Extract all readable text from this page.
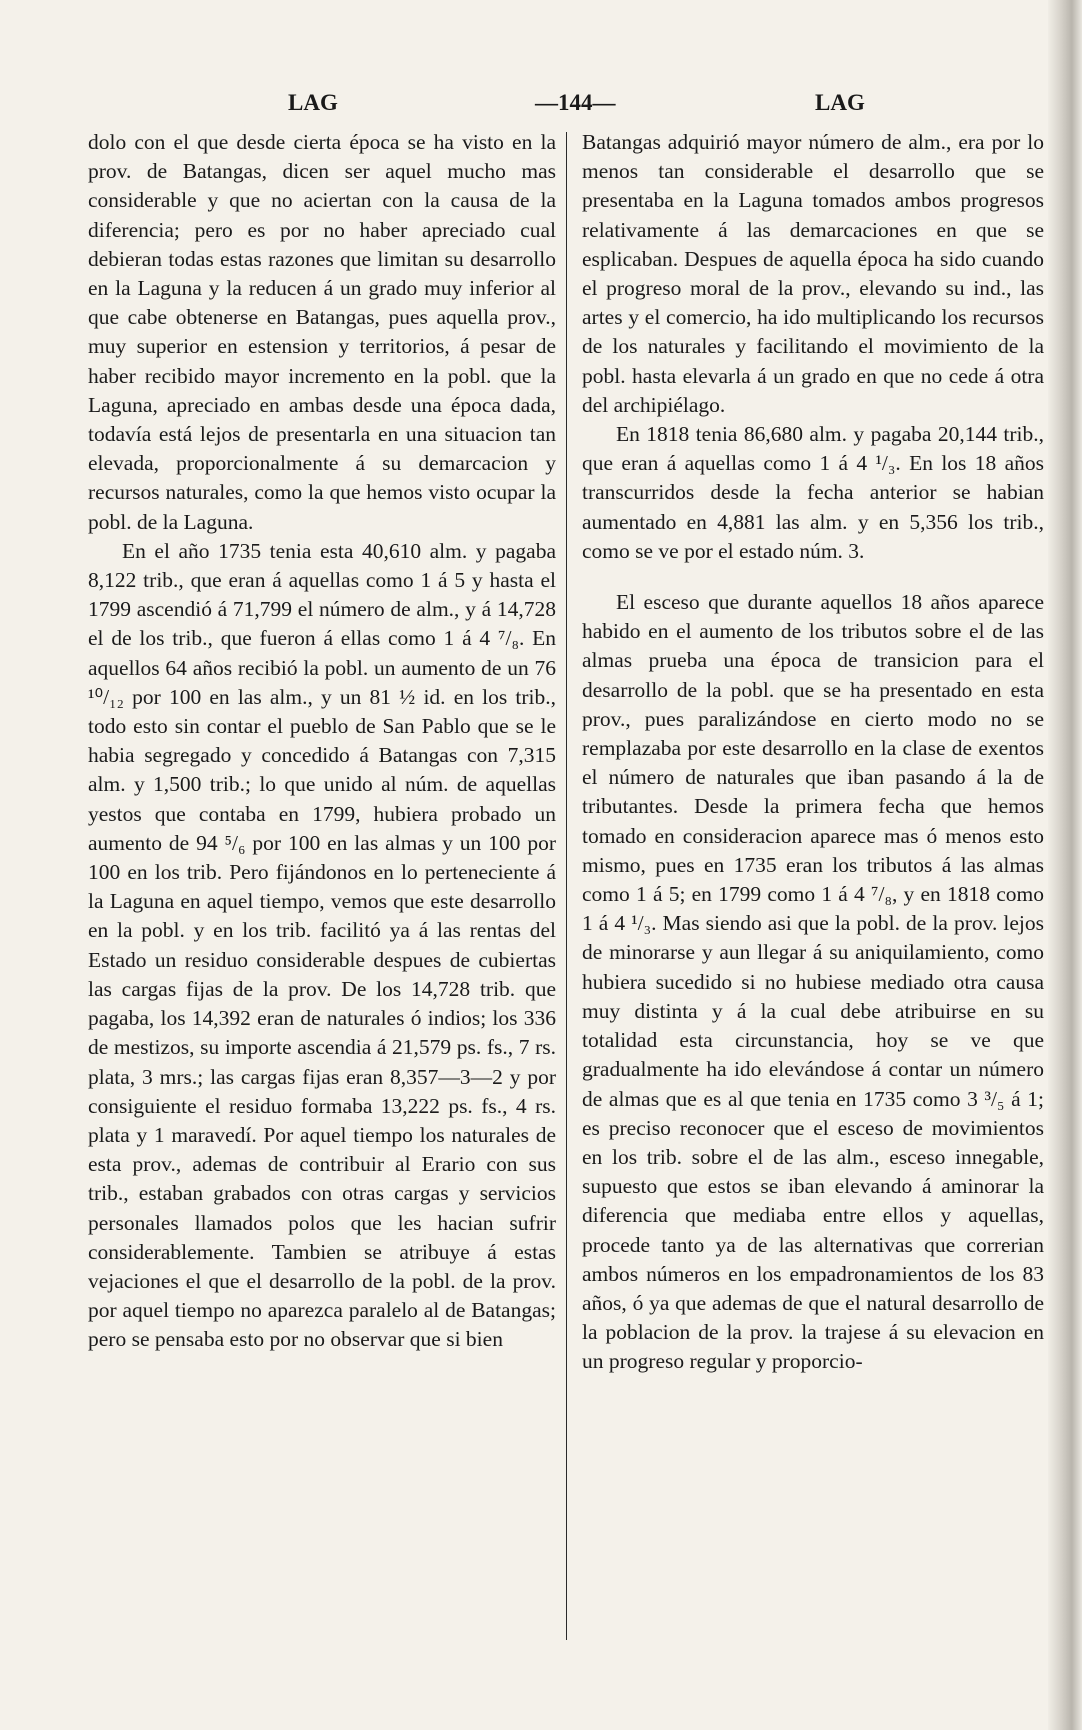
LAG	—144—	LAG

dolo con el que desde cierta época se ha visto en la prov. de Batangas, dicen ser aquel mucho mas considerable y que no aciertan con la causa de la diferencia; pero es por no haber apreciado cual debieran todas estas razones que limitan su desarrollo en la Laguna y la reducen á un grado muy inferior al que cabe obtenerse en Batangas, pues aquella prov., muy superior en estension y territorios, á pesar de haber recibido mayor incremento en la pobl. que la Laguna, apreciado en ambas desde una época dada, todavía está lejos de presentarla en una situacion tan elevada, proporcionalmente á su demarcacion y recursos naturales, como la que hemos visto ocupar la pobl. de la Laguna.

En el año 1735 tenia esta 40,610 alm. y pagaba 8,122 trib., que eran á aquellas como 1 á 5 y hasta el 1799 ascendió á 71,799 el número de alm., y á 14,728 el de los trib., que fueron á ellas como 1 á 4 ⁷/₈. En aquellos 64 años recibió la pobl. un aumento de un 76 ¹⁰/₁₂ por 100 en las alm., y un 81 ½ id. en los trib., todo esto sin contar el pueblo de San Pablo que se le habia segregado y concedido á Batangas con 7,315 alm. y 1,500 trib.; lo que unido al núm. de aquellas yestos que contaba en 1799, hubiera probado un aumento de 94 ⁵/₆ por 100 en las almas y un 100 por 100 en los trib. Pero fijándonos en lo perteneciente á la Laguna en aquel tiempo, vemos que este desarrollo en la pobl. y en los trib. facilitó ya á las rentas del Estado un residuo considerable despues de cubiertas las cargas fijas de la prov. De los 14,728 trib. que pagaba, los 14,392 eran de naturales ó indios; los 336 de mestizos, su importe ascendia á 21,579 ps. fs., 7 rs. plata, 3 mrs.; las cargas fijas eran 8,357—3—2 y por consiguiente el residuo formaba 13,222 ps. fs., 4 rs. plata y 1 maravedí. Por aquel tiempo los naturales de esta prov., ademas de contribuir al Erario con sus trib., estaban grabados con otras cargas y servicios personales llamados polos que les hacian sufrir considerablemente. Tambien se atribuye á estas vejaciones el que el desarrollo de la pobl. de la prov. por aquel tiempo no aparezca paralelo al de Batangas; pero se pensaba esto por no observar que si bien

Batangas adquirió mayor número de alm., era por lo menos tan considerable el desarrollo que se presentaba en la Laguna tomados ambos progresos relativamente á las demarcaciones en que se esplicaban. Despues de aquella época ha sido cuando el progreso moral de la prov., elevando su ind., las artes y el comercio, ha ido multiplicando los recursos de los naturales y facilitando el movimiento de la pobl. hasta elevarla á un grado en que no cede á otra del archipiélago.

En 1818 tenia 86,680 alm. y pagaba 20,144 trib., que eran á aquellas como 1 á 4 ¹/₃. En los 18 años transcurridos desde la fecha anterior se habian aumentado en 4,881 las alm. y en 5,356 los trib., como se ve por el estado núm. 3.

El esceso que durante aquellos 18 años aparece habido en el aumento de los tributos sobre el de las almas prueba una época de transicion para el desarrollo de la pobl. que se ha presentado en esta prov., pues paralizándose en cierto modo no se remplazaba por este desarrollo en la clase de exentos el número de naturales que iban pasando á la de tributantes. Desde la primera fecha que hemos tomado en consideracion aparece mas ó menos esto mismo, pues en 1735 eran los tributos á las almas como 1 á 5; en 1799 como 1 á 4 ⁷/₈, y en 1818 como 1 á 4 ¹/₃. Mas siendo asi que la pobl. de la prov. lejos de minorarse y aun llegar á su aniquilamiento, como hubiera sucedido si no hubiese mediado otra causa muy distinta y á la cual debe atribuirse en su totalidad esta circunstancia, hoy se ve que gradualmente ha ido elevándose á contar un número de almas que es al que tenia en 1735 como 3 ³/₅ á 1; es preciso reconocer que el esceso de movimientos en los trib. sobre el de las alm., esceso innegable, supuesto que estos se iban elevando á aminorar la diferencia que mediaba entre ellos y aquellas, procede tanto ya de las alternativas que correrian ambos números en los empadronamientos de los 83 años, ó ya que ademas de que el natural desarrollo de la poblacion de la prov. la trajese á su elevacion en un progreso regular y proporcio-
